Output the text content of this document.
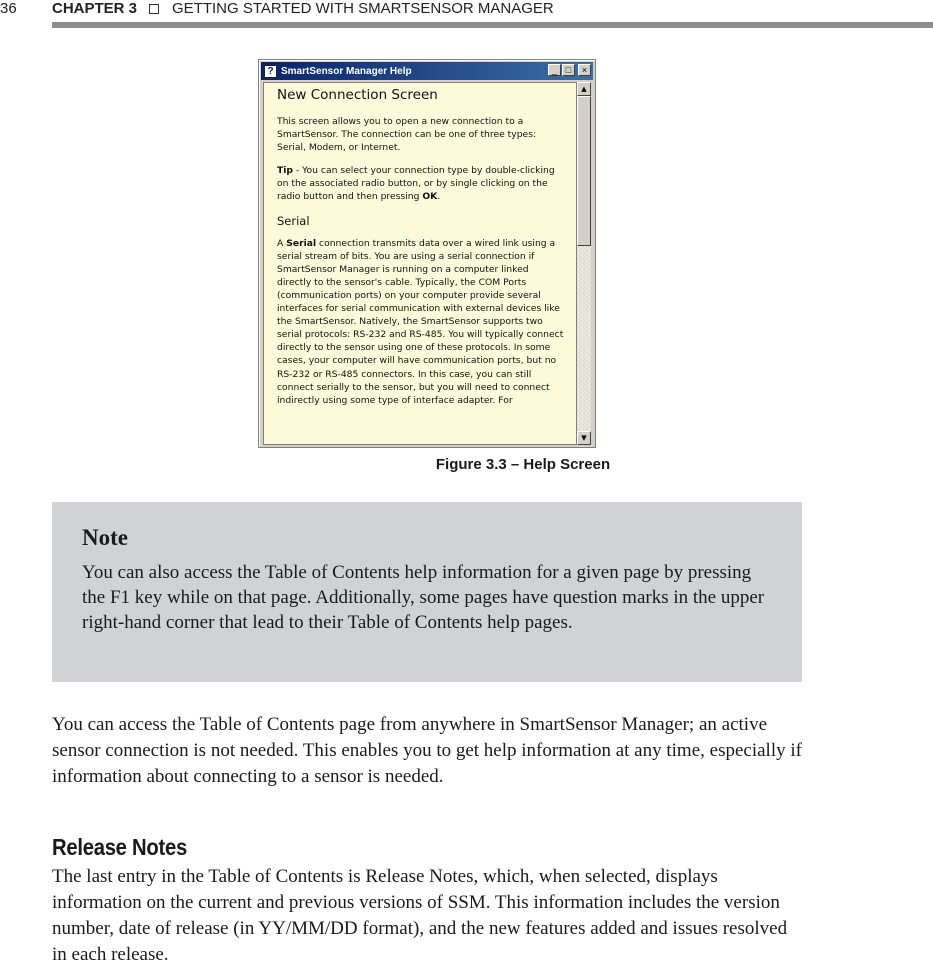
36 CHAPTER 3 GETTING STARTED WITH SMARTSENSOR MANAGER
? SmartSensor Manager Help	_ □	×
New Connection Screen

This screen allows you to open a new connection to a SmartSensor. The connection can be one of three types: Serial, Modem, or Internet.

Tip - You can select your connection type by double-clicking on the associated radio button, or by single clicking on the radio button and then pressing OK.

Serial

A Serial connection transmits data over a wired link using a serial stream of bits. You are using a serial connection if SmartSensor Manager is running on a computer linked directly to the sensor's cable. Typically, the COM Ports (communication ports) on your computer provide several interfaces for serial communication with external devices like the SmartSensor. Natively, the SmartSensor supports two serial protocols: RS-232 and RS-485. You will typically connect directly to the sensor using one of these protocols. In some cases, your computer will have communication ports, but no RS-232 or RS-485 connectors. In this case, you can still connect serially to the sensor, but you will need to connect indirectly using some type of interface adapter. For

▲
▼
Figure 3.3 – Help Screen
Note

You can also access the Table of Contents help information for a given page by pressing the F1 key while on that page. Additionally, some pages have question marks in the upper right-hand corner that lead to their Table of Contents help pages.

You can access the Table of Contents page from anywhere in SmartSensor Manager; an active sensor connection is not needed. This enables you to get help information at any time, especially if information about connecting to a sensor is needed.

Release Notes

The last entry in the Table of Contents is Release Notes, which, when selected, displays information on the current and previous versions of SSM. This information includes the version number, date of release (in YY/MM/DD format), and the new features added and issues resolved in each release.
